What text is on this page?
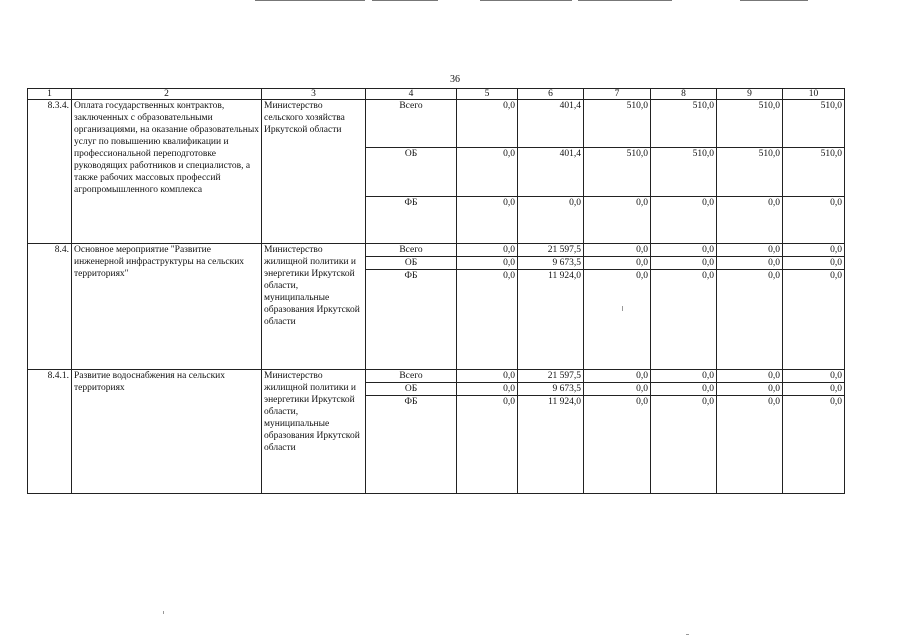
36
1	2	3	4	5	6	7	8	9	10
8.3.4.	Оплата государственных контрактов, заключенных с образовательными организациями, на оказание образовательных услуг по повышению квалификации и профессиональной переподготовке руководящих работников и специалистов, а также рабочих массовых профессий агропромышленного комплекса	Министерство сельского хозяйства Иркутской области	Всего	0,0	401,4	510,0	510,0	510,0	510,0
			ОБ	0,0	401,4	510,0	510,0	510,0	510,0
			ФБ	0,0	0,0	0,0	0,0	0,0	0,0
8.4.	Основное мероприятие "Развитие инженерной инфраструктуры на сельских территориях"	Министерство жилищной политики и энергетики Иркутской области, муниципальные образования Иркутской области	Всего	0,0	21 597,5	0,0	0,0	0,0	0,0
			ОБ	0,0	9 673,5	0,0	0,0	0,0	0,0
			ФБ	0,0	11 924,0	0,0	0,0	0,0	0,0
8.4.1.	Развитие водоснабжения на сельских территориях	Министерство жилищной политики и энергетики Иркутской области, муниципальные образования Иркутской области	Всего	0,0	21 597,5	0,0	0,0	0,0	0,0
			ОБ	0,0	9 673,5	0,0	0,0	0,0	0,0
			ФБ	0,0	11 924,0	0,0	0,0	0,0	0,0
